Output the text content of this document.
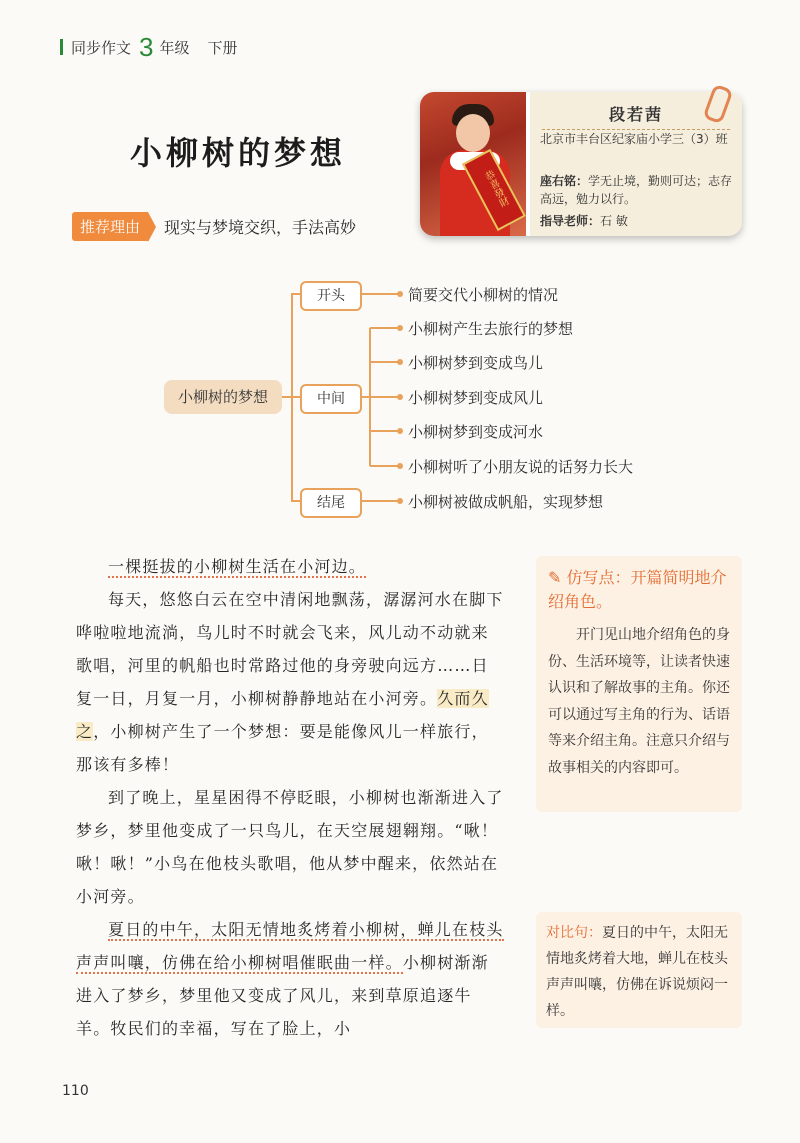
同步作文 3 年级 下册
小柳树的梦想
推荐理由	现实与梦境交织，手法高妙
恭喜發財
段若茜
北京市丰台区纪家庙小学三（3）班
座右铭：学无止境，勤则可达；志存高远，勉力以行。
指导老师：石 敏
小柳树的梦想
开头
中间
结尾
简要交代小柳树的情况
小柳树产生去旅行的梦想
小柳树梦到变成鸟儿
小柳树梦到变成风儿
小柳树梦到变成河水
小柳树听了小朋友说的话努力长大
小柳树被做成帆船，实现梦想

一棵挺拔的小柳树生活在小河边。

每天，悠悠白云在空中清闲地飘荡，潺潺河水在脚下哗啦啦地流淌，鸟儿时不时就会飞来，风儿动不动就来歌唱，河里的帆船也时常路过他的身旁驶向远方……日复一日，月复一月，小柳树静静地站在小河旁。久而久之，小柳树产生了一个梦想：要是能像风儿一样旅行，那该有多棒！

到了晚上，星星困得不停眨眼，小柳树也渐渐进入了梦乡，梦里他变成了一只鸟儿，在天空展翅翱翔。“啾！啾！啾！”小鸟在他枝头歌唱，他从梦中醒来，依然站在小河旁。

夏日的中午，太阳无情地炙烤着小柳树，蝉儿在枝头声声叫嚷，仿佛在给小柳树唱催眠曲一样。小柳树渐渐进入了梦乡，梦里他又变成了风儿，来到草原追逐牛羊。牧民们的幸福，写在了脸上，小

✎ 仿写点：开篇简明地介绍角色。
开门见山地介绍角色的身份、生活环境等，让读者快速认识和了解故事的主角。你还可以通过写主角的行为、话语等来介绍主角。注意只介绍与故事相关的内容即可。
对比句：夏日的中午，太阳无情地炙烤着大地，蝉儿在枝头声声叫嚷，仿佛在诉说烦闷一样。
110
